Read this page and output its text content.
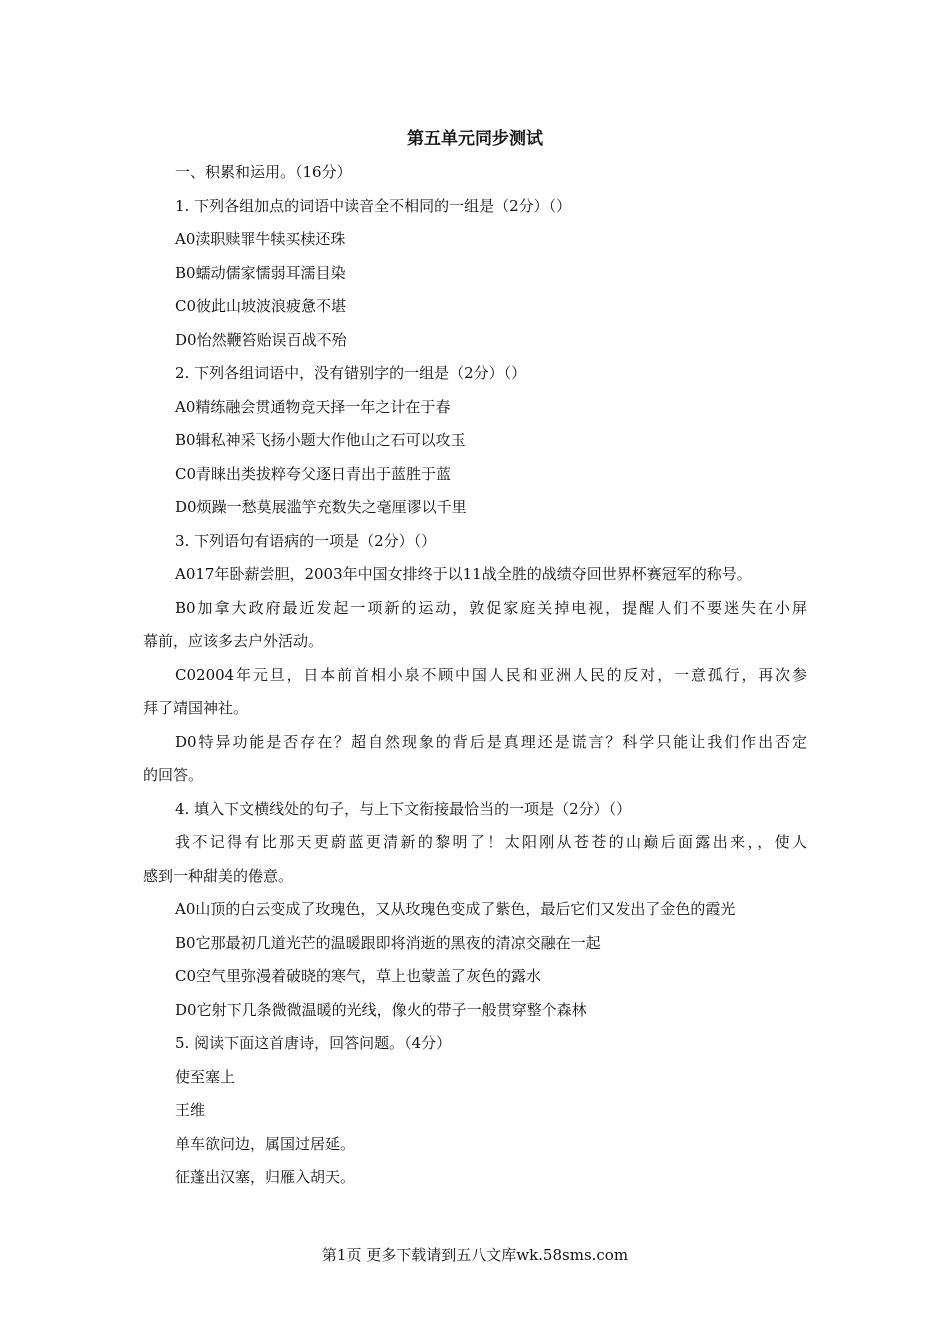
第五单元同步测试
一、积累和运用。（16分）
1. 下列各组加点的词语中读音全不相同的一组是（2分）（）
A0渎职赎罪牛犊买椟还珠
B0蠕动儒家懦弱耳濡目染
C0彼此山坡波浪疲惫不堪
D0怡然鞭笞贻误百战不殆
2. 下列各组词语中，没有错别字的一组是（2分）（）
A0精练融会贯通物竞天择一年之计在于春
B0辑私神采飞扬小题大作他山之石可以攻玉
C0青睐出类拔粹夸父逐日青出于蓝胜于蓝
D0烦躁一愁莫展滥竽充数失之毫厘谬以千里
3. 下列语句有语病的一项是（2分）（）
A017年卧薪尝胆，2003年中国女排终于以11战全胜的战绩夺回世界杯赛冠军的称号。
B0加拿大政府最近发起一项新的运动，敦促家庭关掉电视，提醒人们不要迷失在小屏
幕前，应该多去户外活动。
C02004年元旦，日本前首相小泉不顾中国人民和亚洲人民的反对，一意孤行，再次参
拜了靖国神社。
D0特异功能是否存在？超自然现象的背后是真理还是谎言？科学只能让我们作出否定
的回答。
4. 填入下文横线处的句子，与上下文衔接最恰当的一项是（2分）（）
我不记得有比那天更蔚蓝更清新的黎明了！太阳刚从苍苍的山巅后面露出来，，使人
感到一种甜美的倦意。
A0山顶的白云变成了玫瑰色，又从玫瑰色变成了紫色，最后它们又发出了金色的霞光
B0它那最初几道光芒的温暖跟即将消逝的黑夜的清凉交融在一起
C0空气里弥漫着破晓的寒气，草上也蒙盖了灰色的露水
D0它射下几条微微温暖的光线，像火的带子一般贯穿整个森林
5. 阅读下面这首唐诗，回答问题。（4分）
使至塞上
王维
单车欲问边，属国过居延。
征蓬出汉塞，归雁入胡天。
第1页 更多下载请到五八文库wk.58sms.com
